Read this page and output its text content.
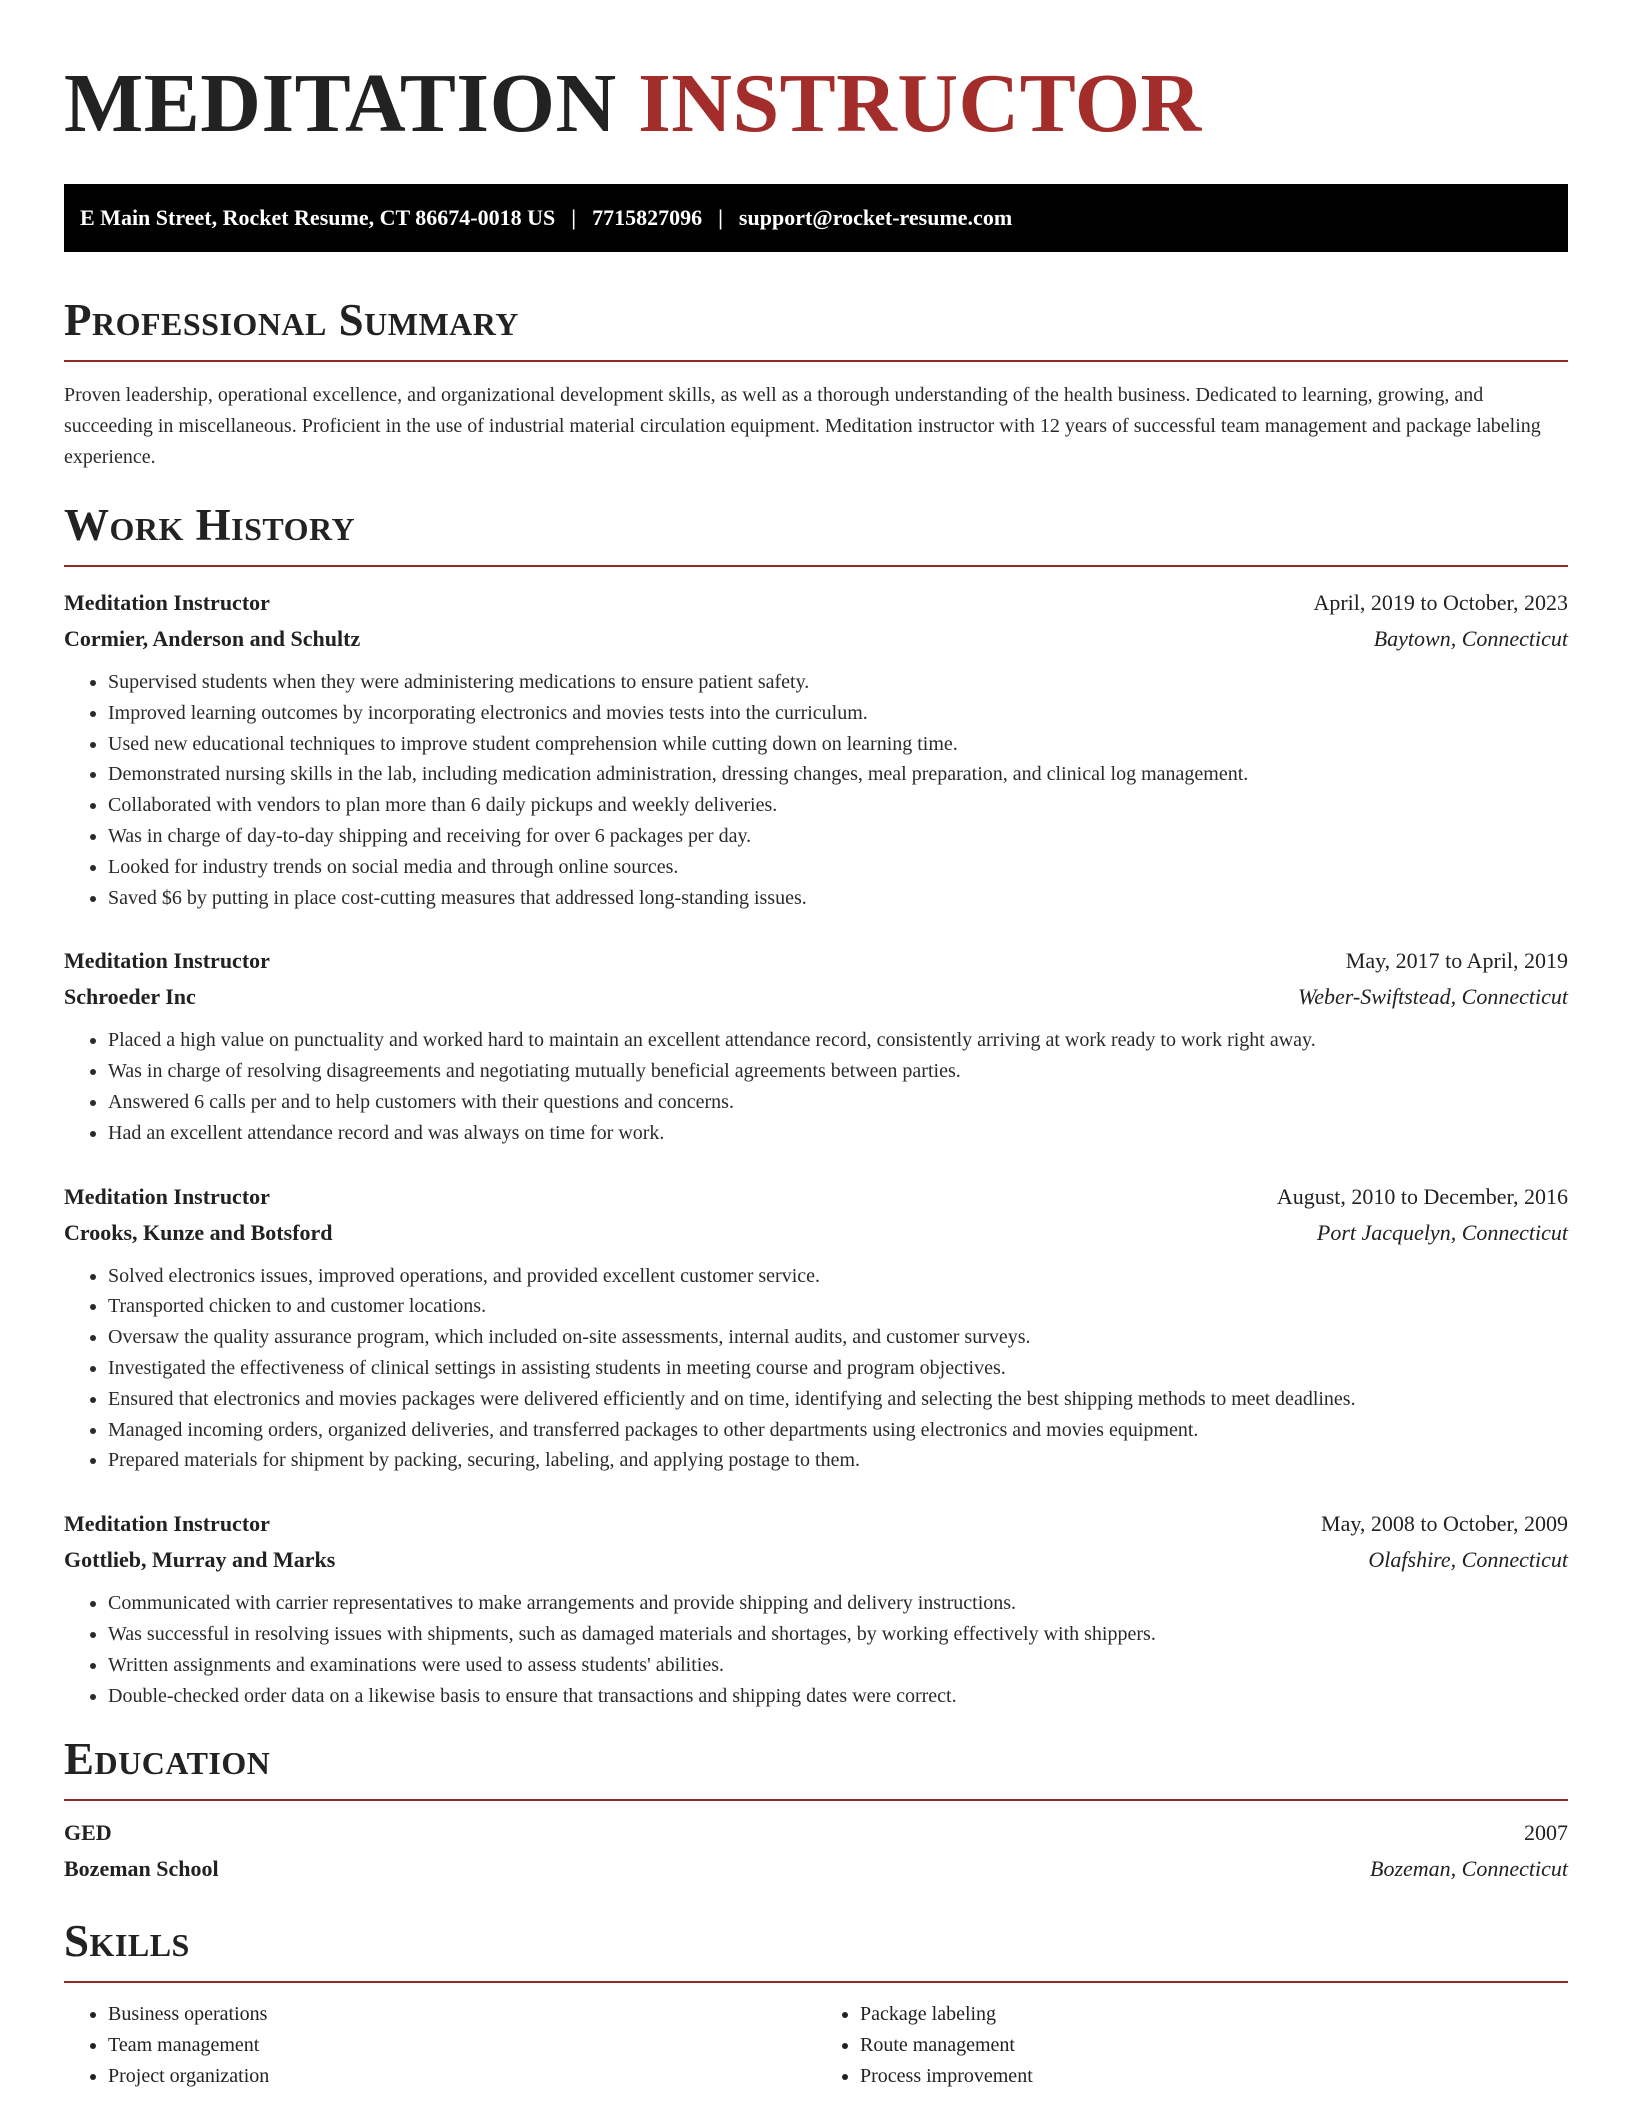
MEDITATION INSTRUCTOR
E Main Street, Rocket Resume, CT 86674-0018 US | 7715827096 | support@rocket-resume.com
Professional Summary

Proven leadership, operational excellence, and organizational development skills, as well as a thorough understanding of the health business. Dedicated to learning, growing, and succeeding in miscellaneous. Proficient in the use of industrial material circulation equipment. Meditation instructor with 12 years of successful team management and package labeling experience.

Work History
Meditation Instructor	April, 2019 to October, 2023
Cormier, Anderson and Schultz	Baytown, Connecticut
• Supervised students when they were administering medications to ensure patient safety.
• Improved learning outcomes by incorporating electronics and movies tests into the curriculum.
• Used new educational techniques to improve student comprehension while cutting down on learning time.
• Demonstrated nursing skills in the lab, including medication administration, dressing changes, meal preparation, and clinical log management.
• Collaborated with vendors to plan more than 6 daily pickups and weekly deliveries.
• Was in charge of day-to-day shipping and receiving for over 6 packages per day.
• Looked for industry trends on social media and through online sources.
• Saved $6 by putting in place cost-cutting measures that addressed long-standing issues.
Meditation Instructor	May, 2017 to April, 2019
Schroeder Inc	Weber-Swiftstead, Connecticut
• Placed a high value on punctuality and worked hard to maintain an excellent attendance record, consistently arriving at work ready to work right away.
• Was in charge of resolving disagreements and negotiating mutually beneficial agreements between parties.
• Answered 6 calls per and to help customers with their questions and concerns.
• Had an excellent attendance record and was always on time for work.
Meditation Instructor	August, 2010 to December, 2016
Crooks, Kunze and Botsford	Port Jacquelyn, Connecticut
• Solved electronics issues, improved operations, and provided excellent customer service.
• Transported chicken to and customer locations.
• Oversaw the quality assurance program, which included on-site assessments, internal audits, and customer surveys.
• Investigated the effectiveness of clinical settings in assisting students in meeting course and program objectives.
• Ensured that electronics and movies packages were delivered efficiently and on time, identifying and selecting the best shipping methods to meet deadlines.
• Managed incoming orders, organized deliveries, and transferred packages to other departments using electronics and movies equipment.
• Prepared materials for shipment by packing, securing, labeling, and applying postage to them.
Meditation Instructor	May, 2008 to October, 2009
Gottlieb, Murray and Marks	Olafshire, Connecticut
• Communicated with carrier representatives to make arrangements and provide shipping and delivery instructions.
• Was successful in resolving issues with shipments, such as damaged materials and shortages, by working effectively with shippers.
• Written assignments and examinations were used to assess students' abilities.
• Double-checked order data on a likewise basis to ensure that transactions and shipping dates were correct.
Education
GED	2007
Bozeman School	Bozeman, Connecticut
Skills
• Business operations
• Team management
• Project organization
• Package labeling
• Route management
• Process improvement
